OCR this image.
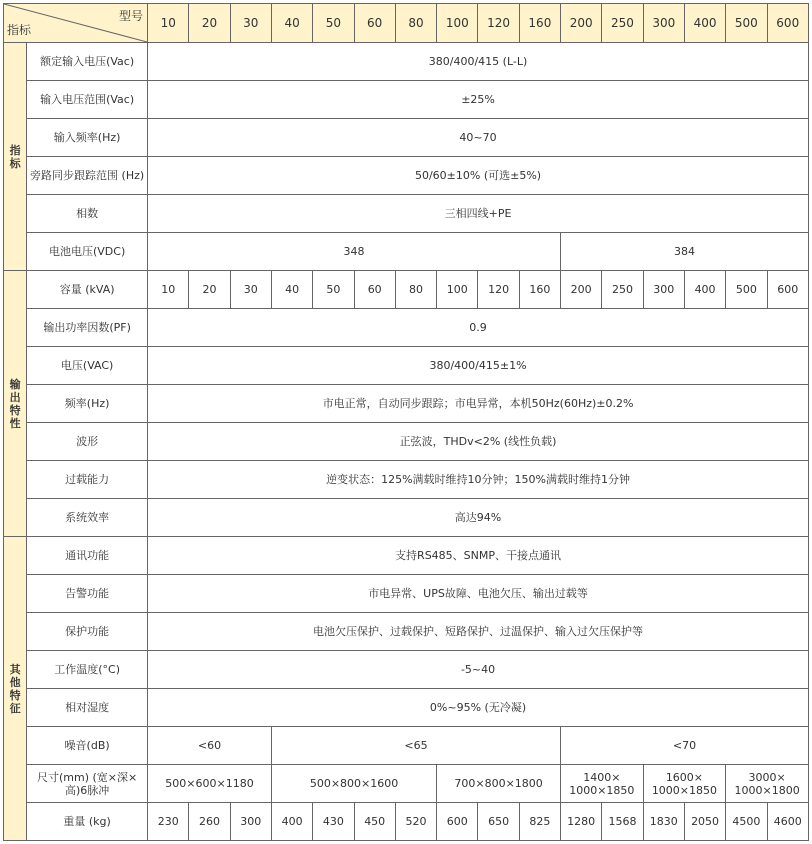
型号
指标		10	20	30	40	50	60	80	100	120	160	200	250	300	400	500	600
指标	额定输入电压(Vac)	380/400/415 (L-L)															
	输入电压范围(Vac)	±25%															
	输入频率(Hz)	40~70															
	旁路同步跟踪范围 (Hz)	50/60±10% (可选±5%)															
	相数	三相四线+PE															
	电池电压(VDC)	348										384					
输出特性	容量 (kVA)	10	20	30	40	50	60	80	100	120	160	200	250	300	400	500	600
	输出功率因数(PF)	0.9															
	电压(VAC)	380/400/415±1%															
	频率(Hz)	市电正常，自动同步跟踪；市电异常，本机50Hz(60Hz)±0.2%															
	波形	正弦波，THDv<2% (线性负载)															
	过载能力	逆变状态：125%满载时维持10分钟；150%满载时维持1分钟															
	系统效率	高达94%															
其他特征	通讯功能	支持RS485、SNMP、干接点通讯															
	告警功能	市电异常、UPS故障、电池欠压、输出过载等															
	保护功能	电池欠压保护、过载保护、短路保护、过温保护、输入过欠压保护等															
	工作温度(°C)	-5~40															
	相对湿度	0%~95% (无冷凝)															
	噪音(dB)	<60			<65							<70					
	尺寸(mm) (宽×深×高)6脉冲	500×600×1180			500×800×1600				700×800×1800			1400× 1000×1850		1600× 1000×1850		3000× 1000×1800	
	重量 (kg)	230	260	300	400	430	450	520	600	650	825	1280	1568	1830	2050	4500	4600
